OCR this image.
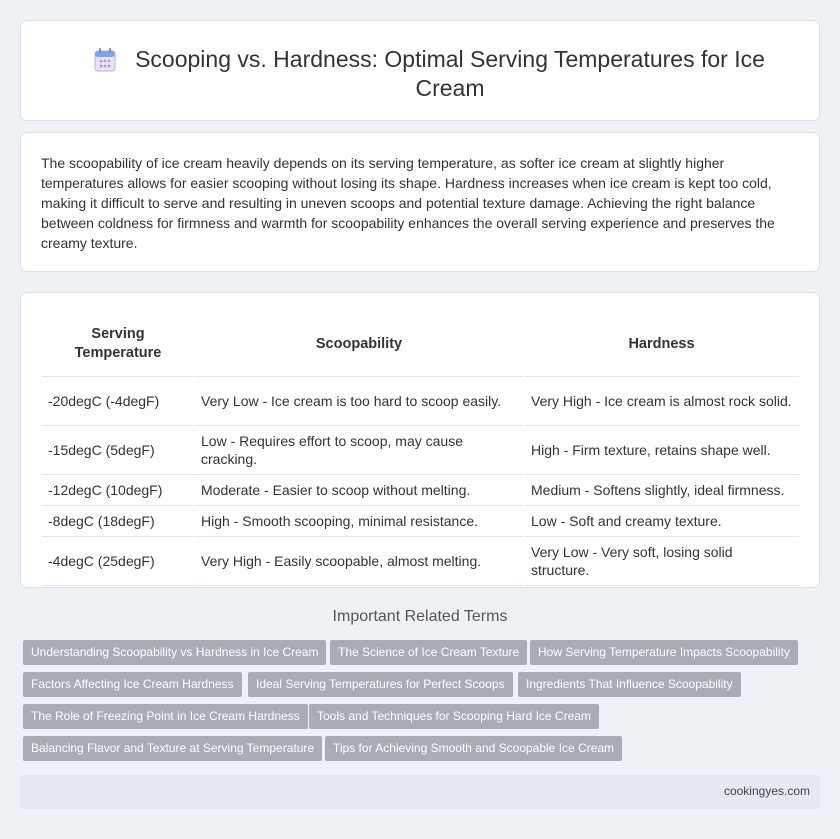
Scooping vs. Hardness: Optimal Serving Temperatures for Ice Cream

The scoopability of ice cream heavily depends on its serving temperature, as softer ice cream at slightly higher temperatures allows for easier scooping without losing its shape. Hardness increases when ice cream is kept too cold, making it difficult to serve and resulting in uneven scoops and potential texture damage. Achieving the right balance between coldness for firmness and warmth for scoopability enhances the overall serving experience and preserves the creamy texture.

Serving Temperature	Scoopability	Hardness
-20degC (-4degF)	Very Low - Ice cream is too hard to scoop easily.	Very High - Ice cream is almost rock solid.
-15degC (5degF)	Low - Requires effort to scoop, may cause cracking.	High - Firm texture, retains shape well.
-12degC (10degF)	Moderate - Easier to scoop without melting.	Medium - Softens slightly, ideal firmness.
-8degC (18degF)	High - Smooth scooping, minimal resistance.	Low - Soft and creamy texture.
-4degC (25degF)	Very High - Easily scoopable, almost melting.	Very Low - Very soft, losing solid structure.
Important Related Terms
Understanding Scoopability vs Hardness in Ice Cream	The Science of Ice Cream Texture	How Serving Temperature Impacts Scoopability
Factors Affecting Ice Cream Hardness	Ideal Serving Temperatures for Perfect Scoops	Ingredients That Influence Scoopability
The Role of Freezing Point in Ice Cream Hardness	Tools and Techniques for Scooping Hard Ice Cream
Balancing Flavor and Texture at Serving Temperature	Tips for Achieving Smooth and Scoopable Ice Cream
cookingyes.com
